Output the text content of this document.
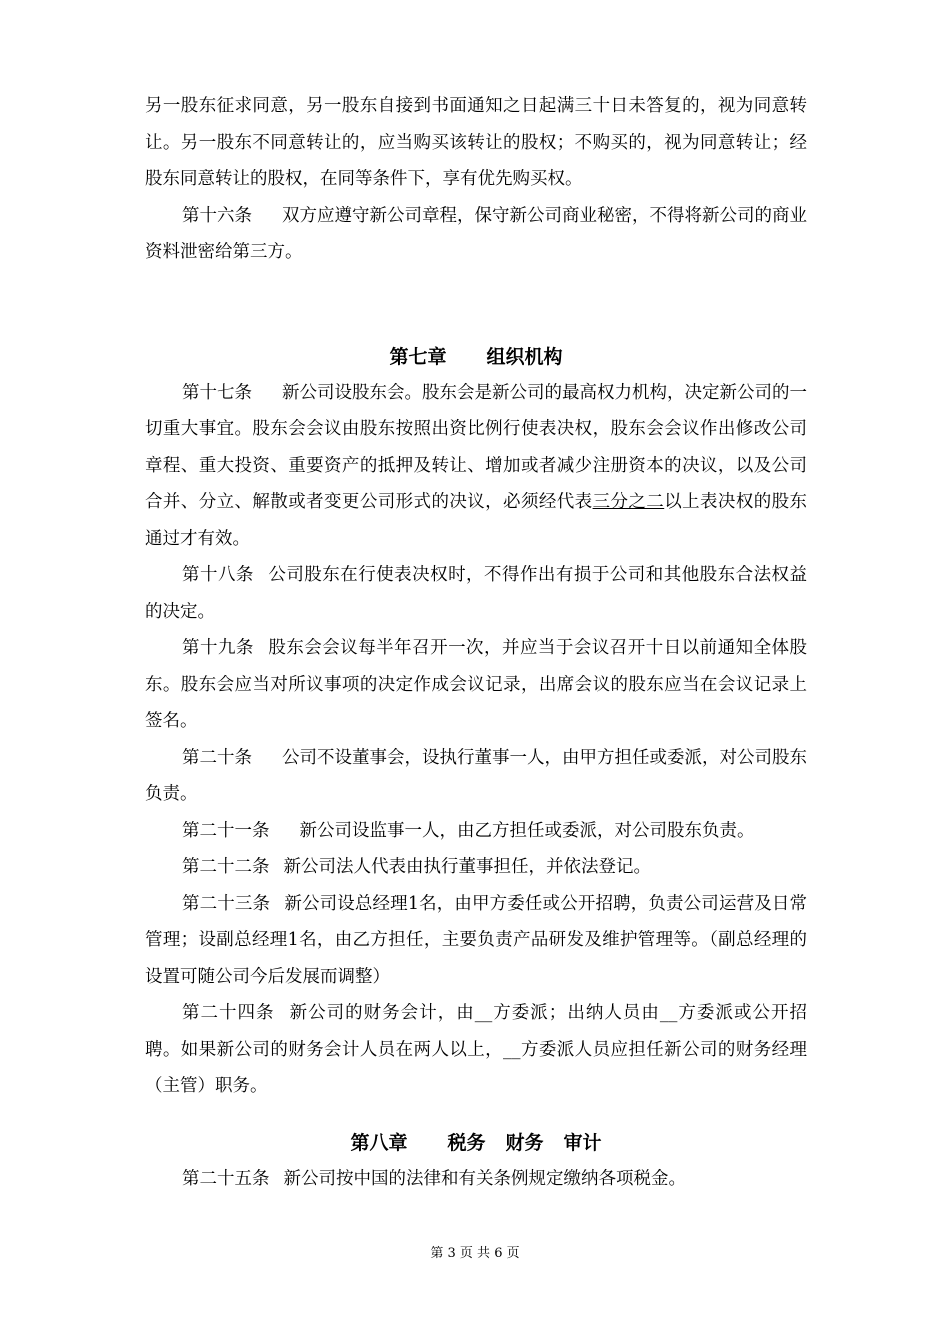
另一股东征求同意，另一股东自接到书面通知之日起满三十日未答复的，视为同意转让。另一股东不同意转让的，应当购买该转让的股权；不购买的，视为同意转让；经股东同意转让的股权，在同等条件下，享有优先购买权。

第十六条 双方应遵守新公司章程，保守新公司商业秘密，不得将新公司的商业资料泄密给第三方。

第七章 组织机构

第十七条 新公司设股东会。股东会是新公司的最高权力机构，决定新公司的一切重大事宜。股东会会议由股东按照出资比例行使表决权，股东会会议作出修改公司章程、重大投资、重要资产的抵押及转让、增加或者减少注册资本的决议，以及公司合并、分立、解散或者变更公司形式的决议，必须经代表三分之二以上表决权的股东通过才有效。

第十八条 公司股东在行使表决权时，不得作出有损于公司和其他股东合法权益的决定。

第十九条 股东会会议每半年召开一次，并应当于会议召开十日以前通知全体股东。股东会应当对所议事项的决定作成会议记录，出席会议的股东应当在会议记录上签名。

第二十条 公司不设董事会，设执行董事一人，由甲方担任或委派，对公司股东负责。

第二十一条 新公司设监事一人，由乙方担任或委派，对公司股东负责。

第二十二条 新公司法人代表由执行董事担任，并依法登记。

第二十三条 新公司设总经理1名，由甲方委任或公开招聘，负责公司运营及日常管理；设副总经理1名，由乙方担任，主要负责产品研发及维护管理等。（副总经理的设置可随公司今后发展而调整）

第二十四条 新公司的财务会计，由__方委派；出纳人员由__方委派或公开招聘。如果新公司的财务会计人员在两人以上，__方委派人员应担任新公司的财务经理（主管）职务。

第八章 税务 财务 审计

第二十五条 新公司按中国的法律和有关条例规定缴纳各项税金。

第 3 页 共 6 页
